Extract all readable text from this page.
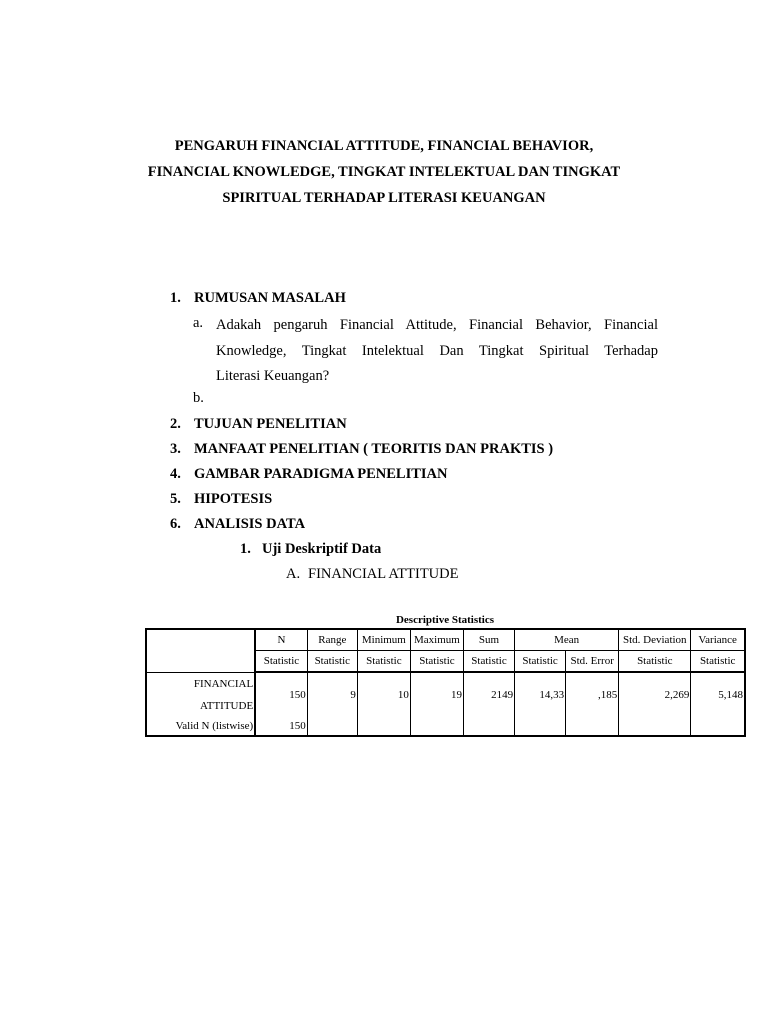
PENGARUH FINANCIAL ATTITUDE, FINANCIAL BEHAVIOR,
FINANCIAL KNOWLEDGE, TINGKAT INTELEKTUAL DAN TINGKAT
SPIRITUAL TERHADAP LITERASI KEUANGAN
1. RUMUSAN MASALAH
a. Adakah pengaruh Financial Attitude, Financial Behavior, Financial
Knowledge, Tingkat Intelektual Dan Tingkat Spiritual Terhadap
Literasi Keuangan?
b.
2. TUJUAN PENELITIAN
3. MANFAAT PENELITIAN ( TEORITIS DAN PRAKTIS )
4. GAMBAR PARADIGMA PENELITIAN
5. HIPOTESIS
6. ANALISIS DATA
1. Uji Deskriptif Data
A. FINANCIAL ATTITUDE
Descriptive Statistics
	N	Range	Minimum	Maximum	Sum	Mean		Std. Deviation	Variance
	Statistic	Statistic	Statistic	Statistic	Statistic	Statistic	Std. Error	Statistic	Statistic
FINANCIAL
ATTITUDE	150	9	10	19	2149	14,33	,185	2,269	5,148
Valid N (listwise)	150								
